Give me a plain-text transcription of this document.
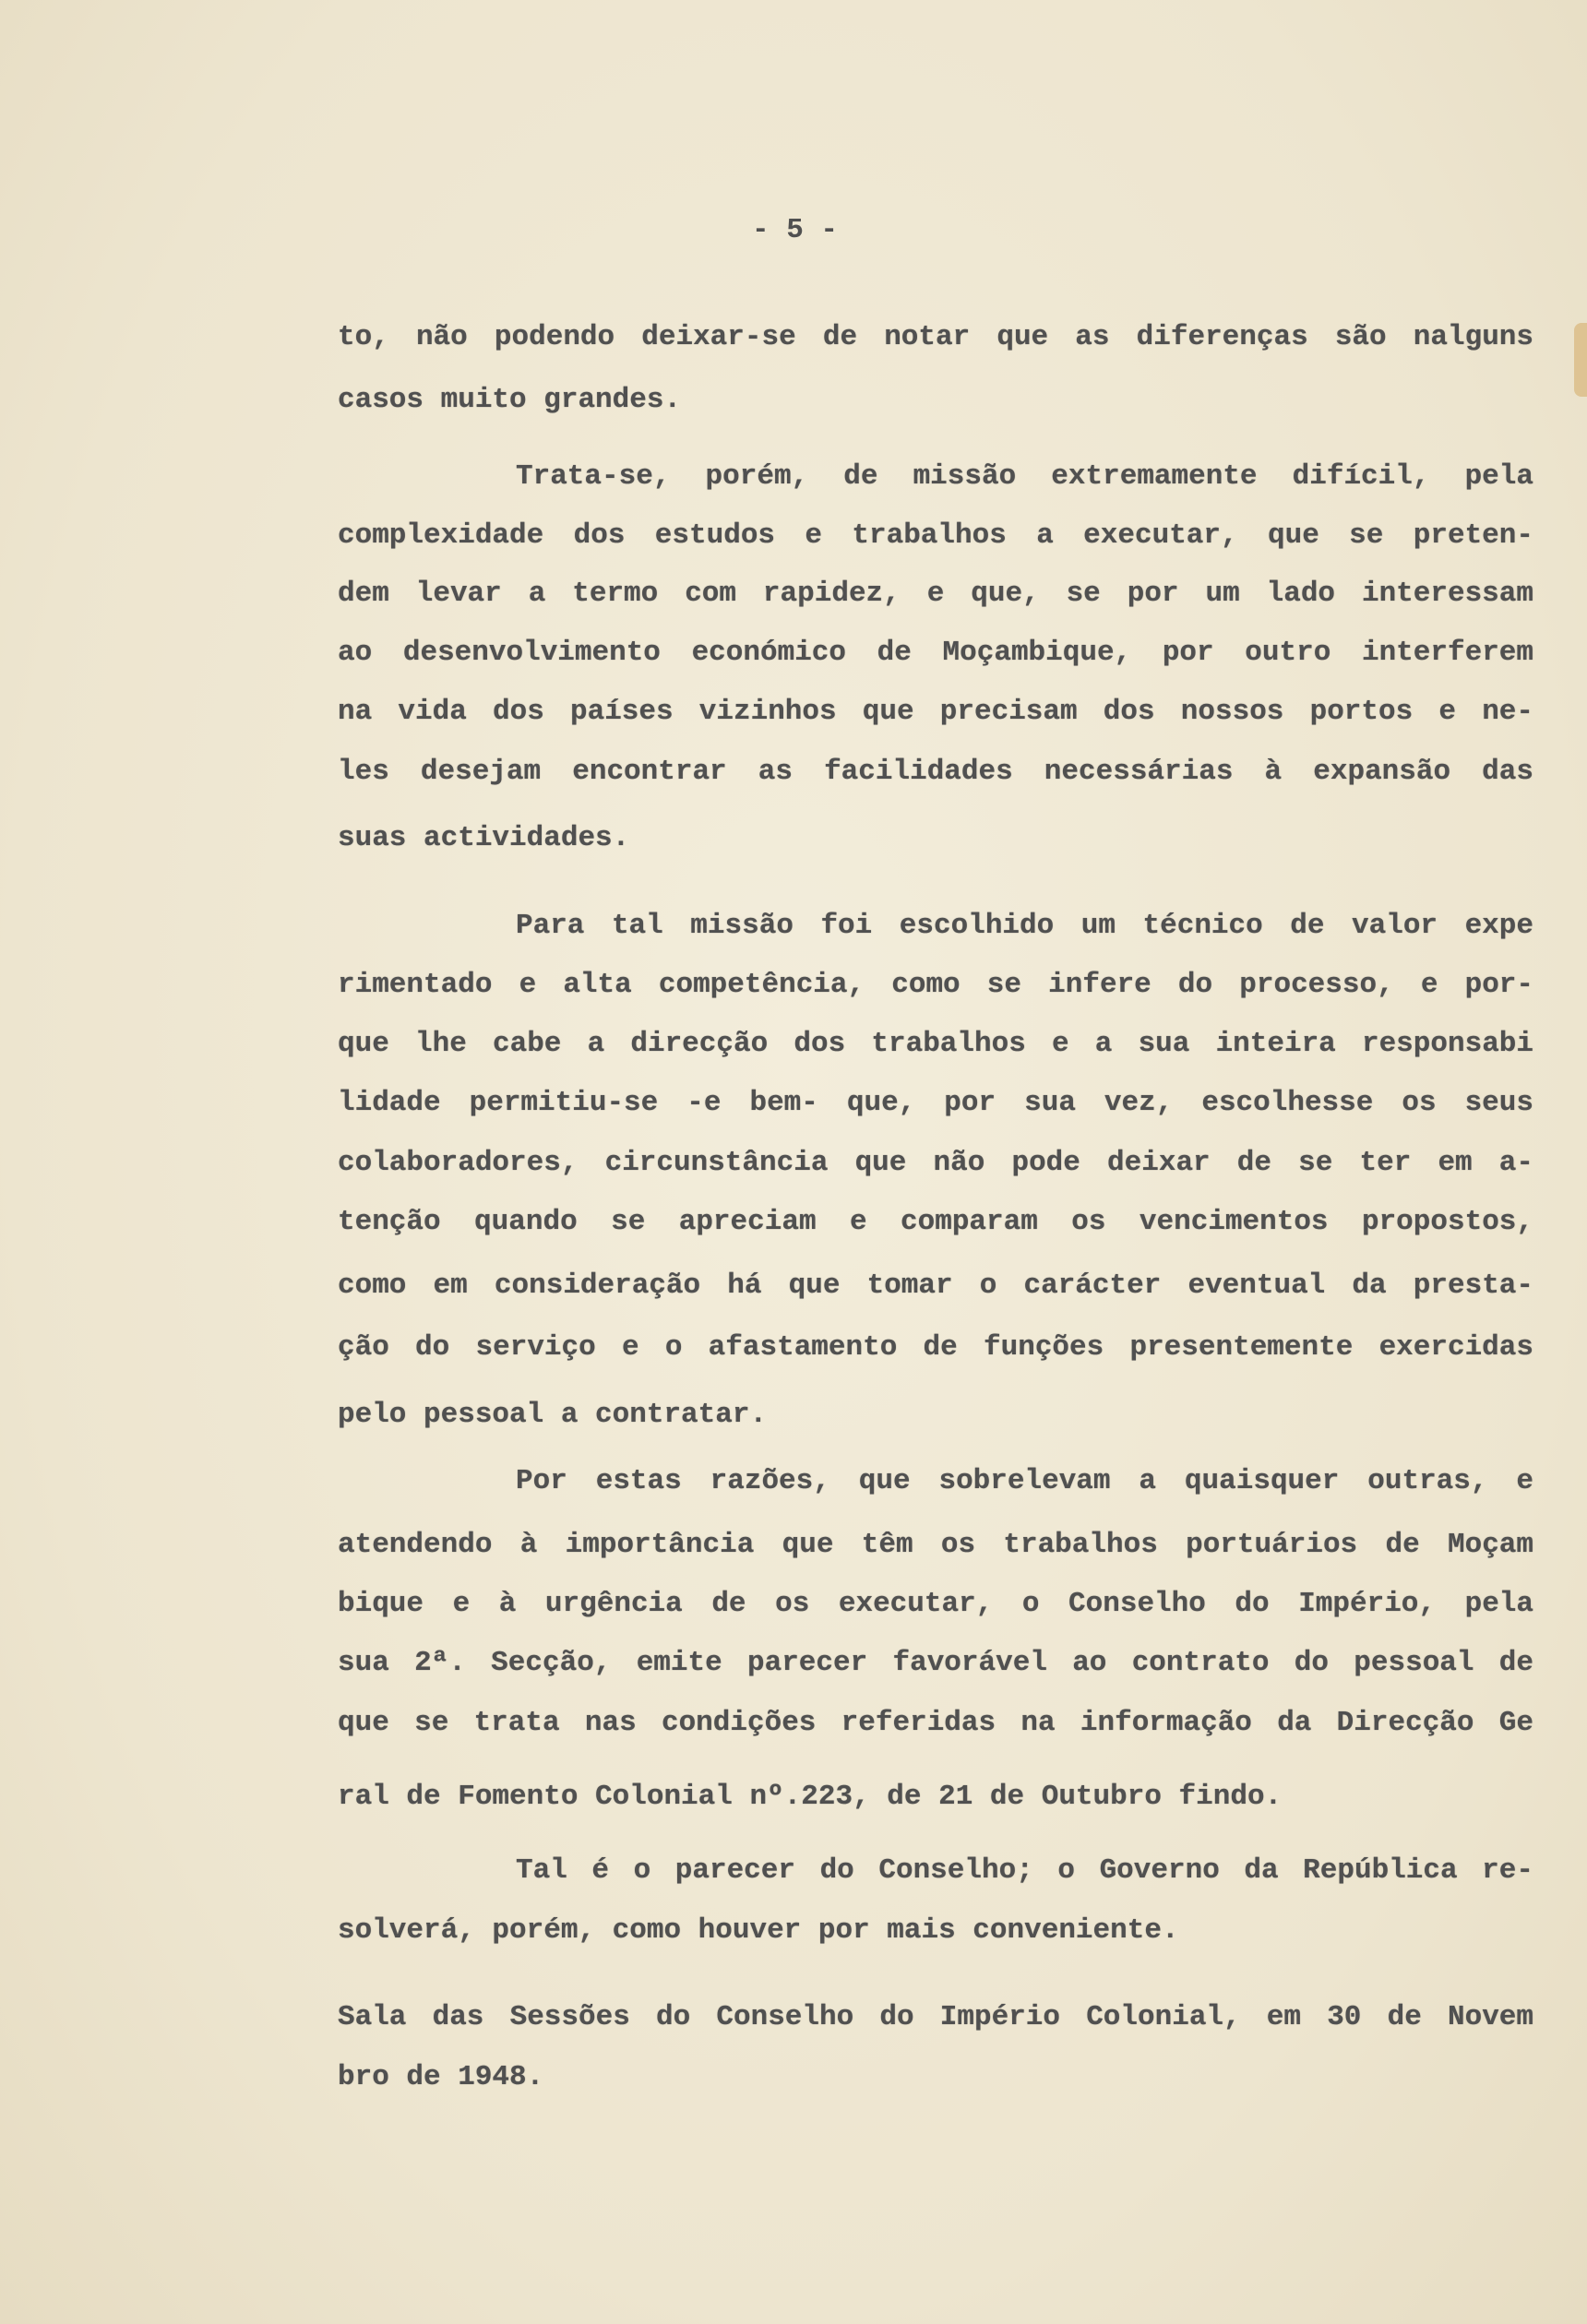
- 5 -
to, não podendo deixar-se de notar que as diferenças são nalguns
casos muito grandes.
Trata-se, porém, de missão extremamente difícil, pela
complexidade dos estudos e trabalhos a executar, que se preten-
dem levar a termo com rapidez, e que, se por um lado interessam
ao desenvolvimento económico de Moçambique, por outro interferem
na vida dos países vizinhos que precisam dos nossos portos e ne-
les desejam encontrar as facilidades necessárias à expansão das
suas actividades.
Para tal missão foi escolhido um técnico de valor expe
rimentado e alta competência, como se infere do processo, e por-
que lhe cabe a direcção dos trabalhos e a sua inteira responsabi
lidade permitiu-se -e bem- que, por sua vez, escolhesse os seus
colaboradores, circunstância que não pode deixar de se ter em a-
tenção quando se apreciam e comparam os vencimentos propostos,
como em consideração há que tomar o carácter eventual da presta-
ção do serviço e o afastamento de funções presentemente exercidas
pelo pessoal a contratar.
Por estas razões, que sobrelevam a quaisquer outras, e
atendendo à importância que têm os trabalhos portuários de Moçam
bique e à urgência de os executar, o Conselho do Império, pela
sua 2ª. Secção, emite parecer favorável ao contrato do pessoal de
que se trata nas condições referidas na informação da Direcção Ge
ral de Fomento Colonial nº.223, de 21 de Outubro findo.
Tal é o parecer do Conselho; o Governo da República re-
solverá, porém, como houver por mais conveniente.
Sala das Sessões do Conselho do Império Colonial, em 30 de Novem
bro de 1948.
